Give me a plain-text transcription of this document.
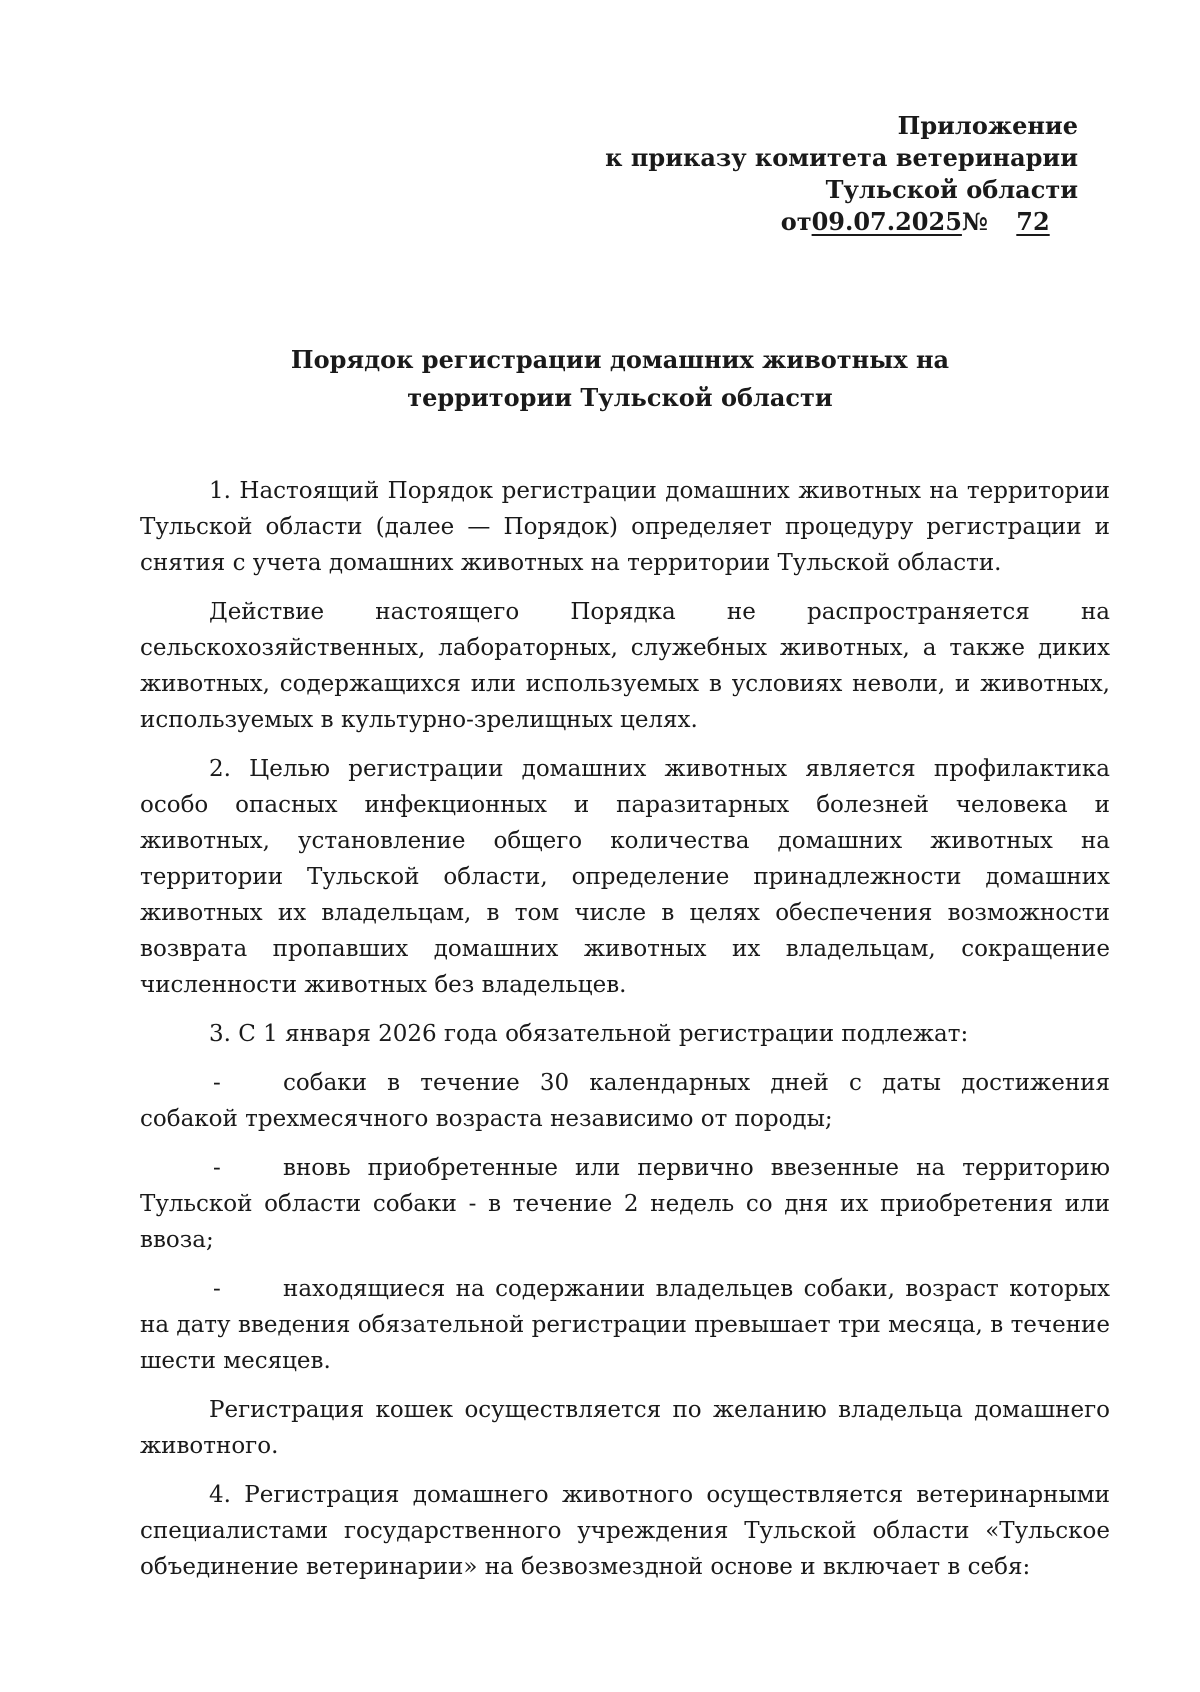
Приложение
к приказу комитета ветеринарии
Тульской области
от09.07.2025№ 72
Порядок регистрации домашних животных на
территории Тульской области

1. Настоящий Порядок регистрации домашних животных на территории Тульской области (далее — Порядок) определяет процедуру регистрации и снятия с учета домашних животных на территории Тульской области.

Действие настоящего Порядка не распространяется на сельскохозяйственных, лабораторных, служебных животных, а также диких животных, содержащихся или используемых в условиях неволи, и животных, используемых в культурно-зрелищных целях.

2. Целью регистрации домашних животных является профилактика особо опасных инфекционных и паразитарных болезней человека и животных, установление общего количества домашних животных на территории Тульской области, определение принадлежности домашних животных их владельцам, в том числе в целях обеспечения возможности возврата пропавших домашних животных их владельцам, сокращение численности животных без владельцев.

3. С 1 января 2026 года обязательной регистрации подлежат:

-	собаки в течение 30 календарных дней с даты достижения собакой трехмесячного возраста независимо от породы;

-	вновь приобретенные или первично ввезенные на территорию Тульской области собаки - в течение 2 недель со дня их приобретения или ввоза;

-	находящиеся на содержании владельцев собаки, возраст которых на дату введения обязательной регистрации превышает три месяца, в течение шести месяцев.

Регистрация кошек осуществляется по желанию владельца домашнего животного.

4. Регистрация домашнего животного осуществляется ветеринарными специалистами государственного учреждения Тульской области «Тульское объединение ветеринарии» на безвозмездной основе и включает в себя:
